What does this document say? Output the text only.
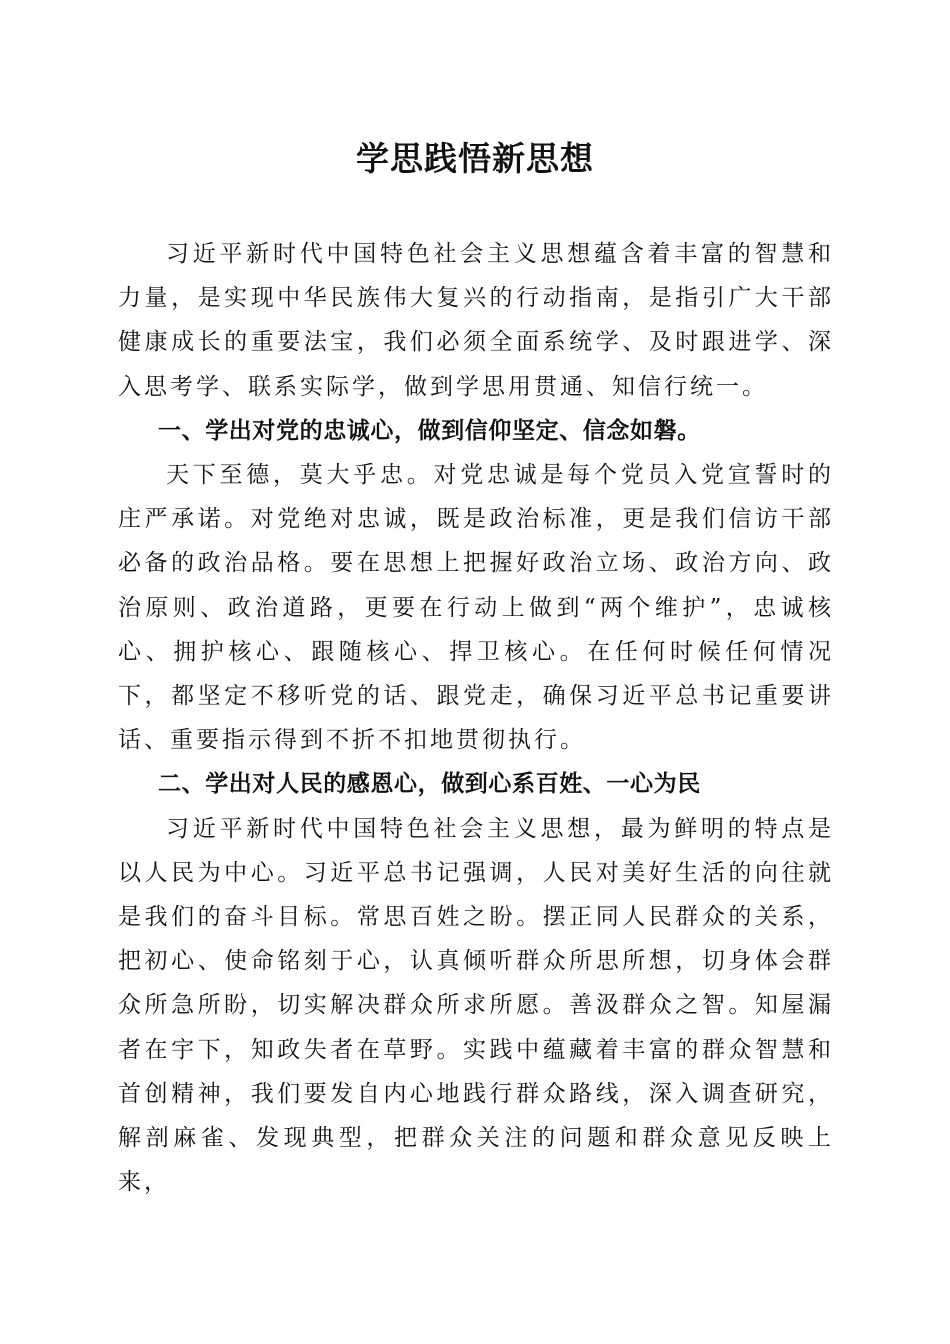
学思践悟新思想

习近平新时代中国特色社会主义思想蕴含着丰富的智慧和力量，是实现中华民族伟大复兴的行动指南，是指引广大干部健康成长的重要法宝，我们必须全面系统学、及时跟进学、深入思考学、联系实际学，做到学思用贯通、知信行统一。

一、学出对党的忠诚心，做到信仰坚定、信念如磐。

天下至德，莫大乎忠。对党忠诚是每个党员入党宣誓时的庄严承诺。对党绝对忠诚，既是政治标准，更是我们信访干部必备的政治品格。要在思想上把握好政治立场、政治方向、政治原则、政治道路，更要在行动上做到“两个维护”，忠诚核心、拥护核心、跟随核心、捍卫核心。在任何时候任何情况下，都坚定不移听党的话、跟党走，确保习近平总书记重要讲话、重要指示得到不折不扣地贯彻执行。

二、学出对人民的感恩心，做到心系百姓、一心为民

习近平新时代中国特色社会主义思想，最为鲜明的特点是以人民为中心。习近平总书记强调，人民对美好生活的向往就是我们的奋斗目标。常思百姓之盼。摆正同人民群众的关系，把初心、使命铭刻于心，认真倾听群众所思所想，切身体会群众所急所盼，切实解决群众所求所愿。善汲群众之智。知屋漏者在宇下，知政失者在草野。实践中蕴藏着丰富的群众智慧和首创精神，我们要发自内心地践行群众路线，深入调查研究，解剖麻雀、发现典型，把群众关注的问题和群众意见反映上来，
